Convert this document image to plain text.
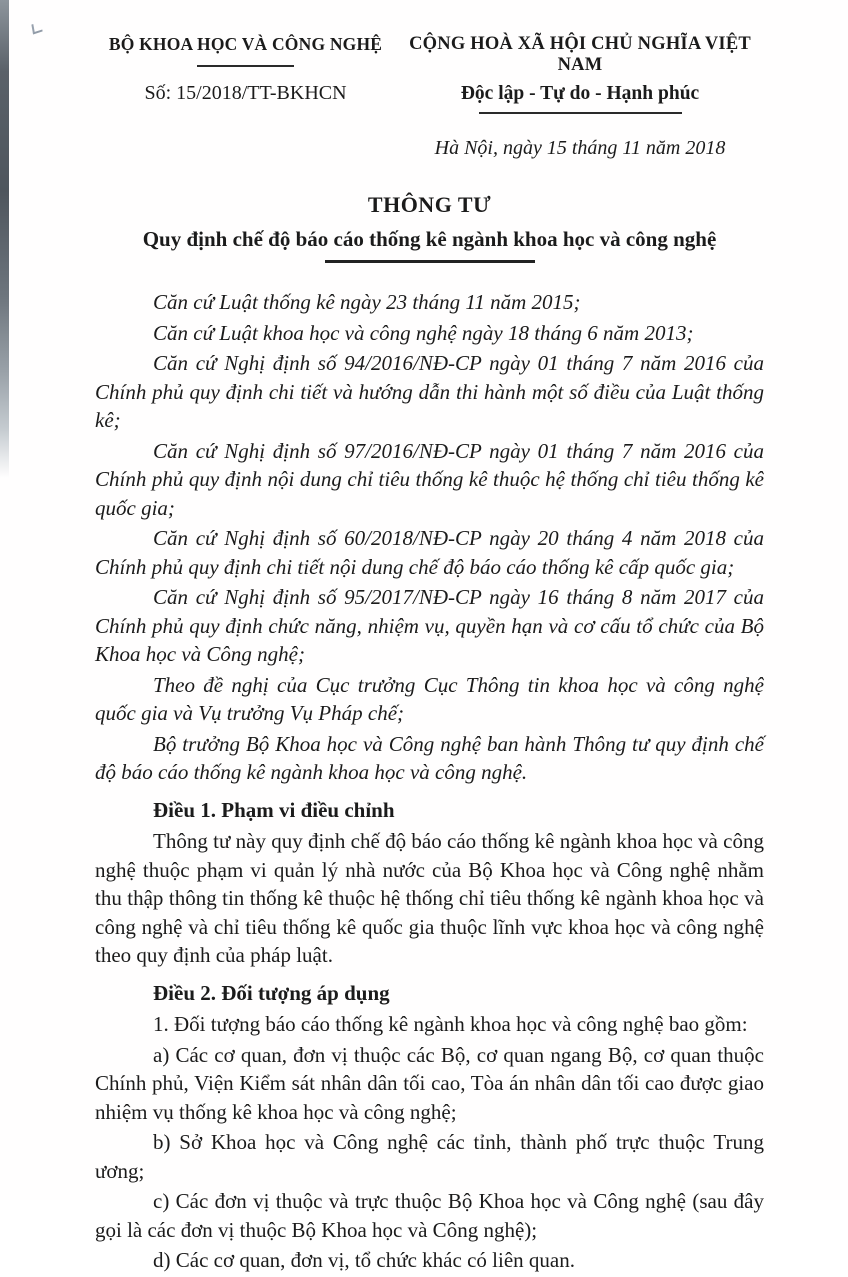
BỘ KHOA HỌC VÀ CÔNG NGHỆ
Số: 15/2018/TT-BKHCN
CỘNG HOÀ XÃ HỘI CHỦ NGHĨA VIỆT NAM
Độc lập - Tự do - Hạnh phúc
Hà Nội, ngày 15 tháng 11 năm 2018
THÔNG TƯ
Quy định chế độ báo cáo thống kê ngành khoa học và công nghệ

Căn cứ Luật thống kê ngày 23 tháng 11 năm 2015;

Căn cứ Luật khoa học và công nghệ ngày 18 tháng 6 năm 2013;

Căn cứ Nghị định số 94/2016/NĐ-CP ngày 01 tháng 7 năm 2016 của Chính phủ quy định chi tiết và hướng dẫn thi hành một số điều của Luật thống kê;

Căn cứ Nghị định số 97/2016/NĐ-CP ngày 01 tháng 7 năm 2016 của Chính phủ quy định nội dung chỉ tiêu thống kê thuộc hệ thống chỉ tiêu thống kê quốc gia;

Căn cứ Nghị định số 60/2018/NĐ-CP ngày 20 tháng 4 năm 2018 của Chính phủ quy định chi tiết nội dung chế độ báo cáo thống kê cấp quốc gia;

Căn cứ Nghị định số 95/2017/NĐ-CP ngày 16 tháng 8 năm 2017 của Chính phủ quy định chức năng, nhiệm vụ, quyền hạn và cơ cấu tổ chức của Bộ Khoa học và Công nghệ;

Theo đề nghị của Cục trưởng Cục Thông tin khoa học và công nghệ quốc gia và Vụ trưởng Vụ Pháp chế;

Bộ trưởng Bộ Khoa học và Công nghệ ban hành Thông tư quy định chế độ báo cáo thống kê ngành khoa học và công nghệ.

Điều 1. Phạm vi điều chỉnh

Thông tư này quy định chế độ báo cáo thống kê ngành khoa học và công nghệ thuộc phạm vi quản lý nhà nước của Bộ Khoa học và Công nghệ nhằm thu thập thông tin thống kê thuộc hệ thống chỉ tiêu thống kê ngành khoa học và công nghệ và chỉ tiêu thống kê quốc gia thuộc lĩnh vực khoa học và công nghệ theo quy định của pháp luật.

Điều 2. Đối tượng áp dụng

1. Đối tượng báo cáo thống kê ngành khoa học và công nghệ bao gồm:

a) Các cơ quan, đơn vị thuộc các Bộ, cơ quan ngang Bộ, cơ quan thuộc Chính phủ, Viện Kiểm sát nhân dân tối cao, Tòa án nhân dân tối cao được giao nhiệm vụ thống kê khoa học và công nghệ;

b) Sở Khoa học và Công nghệ các tỉnh, thành phố trực thuộc Trung ương;

c) Các đơn vị thuộc và trực thuộc Bộ Khoa học và Công nghệ (sau đây gọi là các đơn vị thuộc Bộ Khoa học và Công nghệ);

d) Các cơ quan, đơn vị, tổ chức khác có liên quan.
